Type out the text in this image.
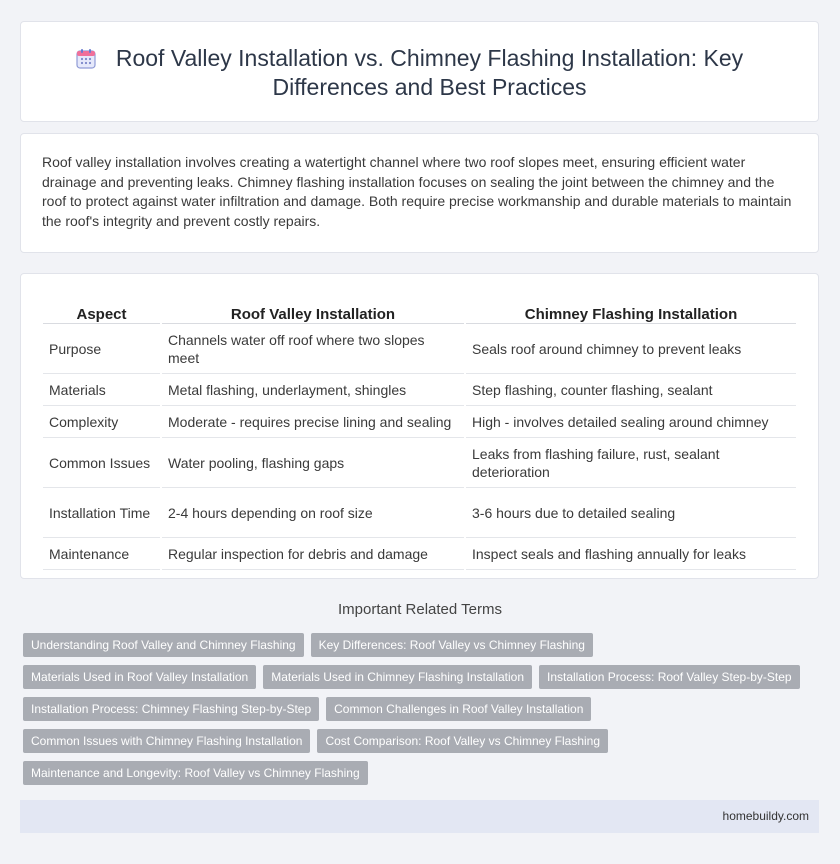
Roof Valley Installation vs. Chimney Flashing Installation: Key Differences and Best Practices

Roof valley installation involves creating a watertight channel where two roof slopes meet, ensuring efficient water drainage and preventing leaks. Chimney flashing installation focuses on sealing the joint between the chimney and the roof to protect against water infiltration and damage. Both require precise workmanship and durable materials to maintain the roof's integrity and prevent costly repairs.

Aspect	Roof Valley Installation	Chimney Flashing Installation
Purpose	Channels water off roof where two slopes meet	Seals roof around chimney to prevent leaks
Materials	Metal flashing, underlayment, shingles	Step flashing, counter flashing, sealant
Complexity	Moderate - requires precise lining and sealing	High - involves detailed sealing around chimney
Common Issues	Water pooling, flashing gaps	Leaks from flashing failure, rust, sealant deterioration
Installation Time	2-4 hours depending on roof size	3-6 hours due to detailed sealing
Maintenance	Regular inspection for debris and damage	Inspect seals and flashing annually for leaks
Important Related Terms
Understanding Roof Valley and Chimney Flashing	Key Differences: Roof Valley vs Chimney Flashing
Materials Used in Roof Valley Installation	Materials Used in Chimney Flashing Installation	Installation Process: Roof Valley Step-by-Step
Installation Process: Chimney Flashing Step-by-Step	Common Challenges in Roof Valley Installation
Common Issues with Chimney Flashing Installation	Cost Comparison: Roof Valley vs Chimney Flashing
Maintenance and Longevity: Roof Valley vs Chimney Flashing
homebuildy.com
